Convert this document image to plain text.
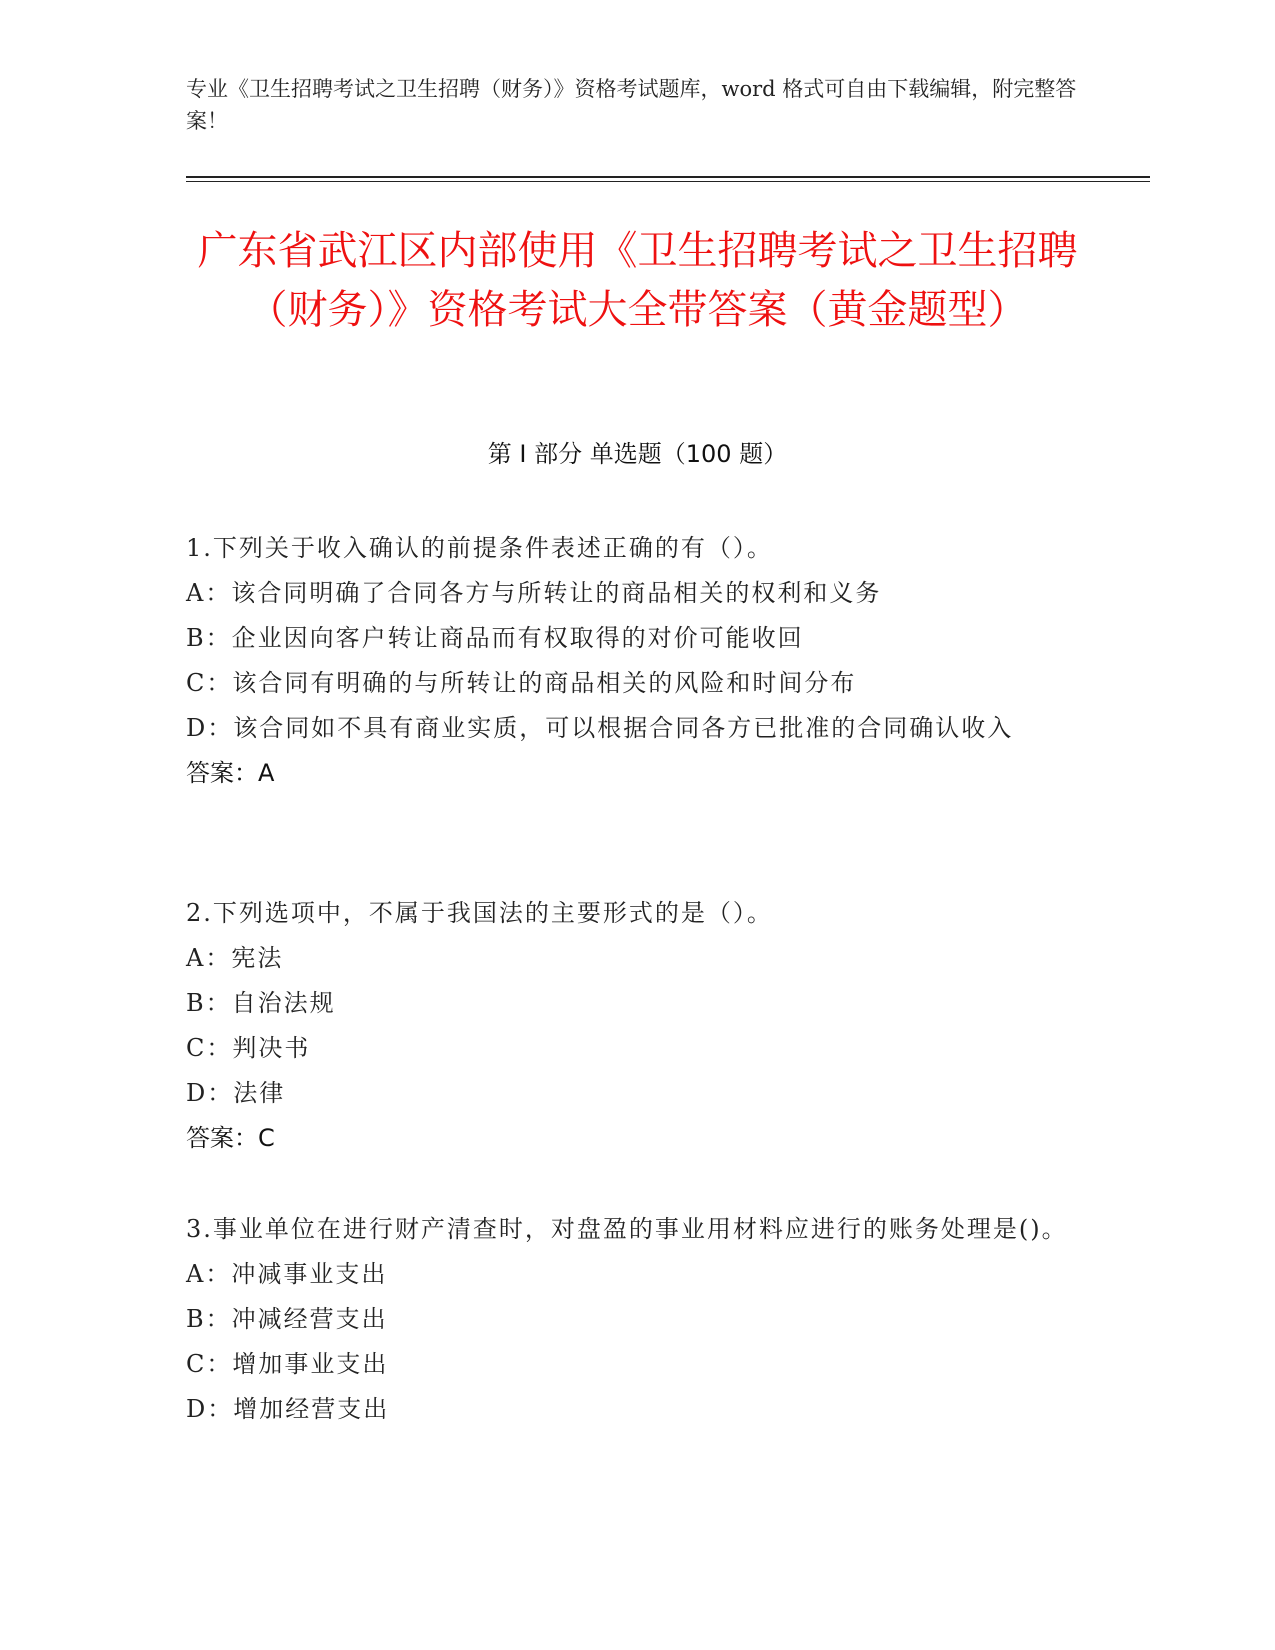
专业《卫生招聘考试之卫生招聘（财务）》资格考试题库，word 格式可自由下载编辑，附完整答案！
广东省武江区内部使用《卫生招聘考试之卫生招聘（财务）》资格考试大全带答案（黄金题型）
第 I 部分 单选题（100 题）
1.下列关于收入确认的前提条件表述正确的有（）。
A：该合同明确了合同各方与所转让的商品相关的权利和义务
B：企业因向客户转让商品而有权取得的对价可能收回
C：该合同有明确的与所转让的商品相关的风险和时间分布
D：该合同如不具有商业实质，可以根据合同各方已批准的合同确认收入
答案：A
2.下列选项中，不属于我国法的主要形式的是（）。
A：宪法
B：自治法规
C：判决书
D：法律
答案：C
3.事业单位在进行财产清查时，对盘盈的事业用材料应进行的账务处理是()。
A：冲减事业支出
B：冲减经营支出
C：增加事业支出
D：增加经营支出
